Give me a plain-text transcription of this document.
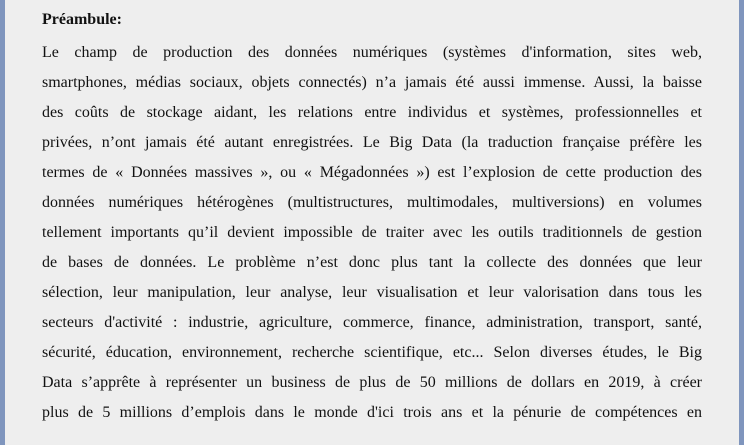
Préambule:

Le champ de production des données numériques (systèmes d'information, sites web,
smartphones, médias sociaux, objets connectés) n’a jamais été aussi immense. Aussi, la baisse
des coûts de stockage aidant, les relations entre individus et systèmes, professionnelles et
privées, n’ont jamais été autant enregistrées. Le Big Data (la traduction française préfère les
termes de « Données massives », ou « Mégadonnées ») est l’explosion de cette production des
données numériques hétérogènes (multistructures, multimodales, multiversions) en volumes
tellement importants qu’il devient impossible de traiter avec les outils traditionnels de gestion
de bases de données. Le problème n’est donc plus tant la collecte des données que leur
sélection, leur manipulation, leur analyse, leur visualisation et leur valorisation dans tous les
secteurs d'activité : industrie, agriculture, commerce, finance, administration, transport, santé,
sécurité, éducation, environnement, recherche scientifique, etc... Selon diverses études, le Big
Data s’apprête à représenter un business de plus de 50 millions de dollars en 2019, à créer
plus de 5 millions d’emplois dans le monde d'ici trois ans et la pénurie de compétences en
